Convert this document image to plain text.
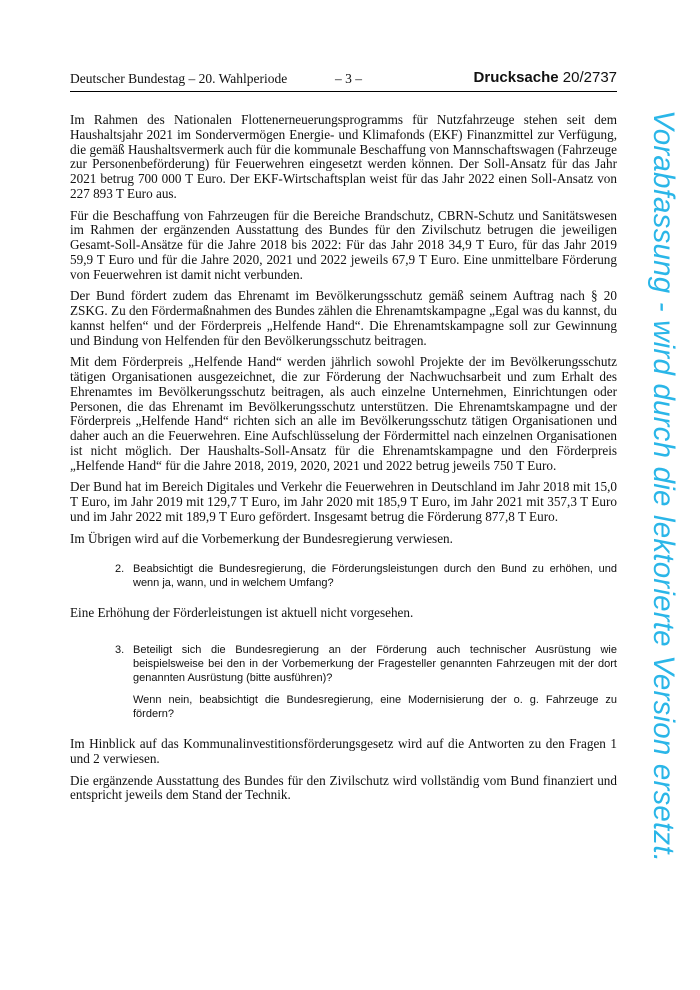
Deutscher Bundestag – 20. Wahlperiode	– 3 –	Drucksache 20/2737

Im Rahmen des Nationalen Flottenerneuerungsprogramms für Nutzfahrzeuge stehen seit dem Haushaltsjahr 2021 im Sondervermögen Energie- und Klimafonds (EKF) Finanzmittel zur Verfügung, die gemäß Haushaltsvermerk auch für die kommunale Beschaffung von Mannschaftswagen (Fahrzeuge zur Personenbeförderung) für Feuerwehren eingesetzt werden können. Der Soll-Ansatz für das Jahr 2021 betrug 700 000 T Euro. Der EKF-Wirtschaftsplan weist für das Jahr 2022 einen Soll-Ansatz von 227 893 T Euro aus.

Für die Beschaffung von Fahrzeugen für die Bereiche Brandschutz, CBRN-Schutz und Sanitätswesen im Rahmen der ergänzenden Ausstattung des Bundes für den Zivilschutz betrugen die jeweiligen Gesamt-Soll-Ansätze für die Jahre 2018 bis 2022: Für das Jahr 2018 34,9 T Euro, für das Jahr 2019 59,9 T Euro und für die Jahre 2020, 2021 und 2022 jeweils 67,9 T Euro. Eine unmittelbare Förderung von Feuerwehren ist damit nicht verbunden.

Der Bund fördert zudem das Ehrenamt im Bevölkerungsschutz gemäß seinem Auftrag nach § 20 ZSKG. Zu den Fördermaßnahmen des Bundes zählen die Ehrenamtskampagne „Egal was du kannst, du kannst helfen“ und der Förderpreis „Helfende Hand“. Die Ehrenamtskampagne soll zur Gewinnung und Bindung von Helfenden für den Bevölkerungsschutz beitragen.

Mit dem Förderpreis „Helfende Hand“ werden jährlich sowohl Projekte der im Bevölkerungsschutz tätigen Organisationen ausgezeichnet, die zur Förderung der Nachwuchsarbeit und zum Erhalt des Ehrenamtes im Bevölkerungsschutz beitragen, als auch einzelne Unternehmen, Einrichtungen oder Personen, die das Ehrenamt im Bevölkerungsschutz unterstützen. Die Ehrenamtskampagne und der Förderpreis „Helfende Hand“ richten sich an alle im Bevölkerungsschutz tätigen Organisationen und daher auch an die Feuerwehren. Eine Aufschlüsselung der Fördermittel nach einzelnen Organisationen ist nicht möglich. Der Haushalts-Soll-Ansatz für die Ehrenamtskampagne und den Förderpreis „Helfende Hand“ für die Jahre 2018, 2019, 2020, 2021 und 2022 betrug jeweils 750 T Euro.

Der Bund hat im Bereich Digitales und Verkehr die Feuerwehren in Deutschland im Jahr 2018 mit 15,0 T Euro, im Jahr 2019 mit 129,7 T Euro, im Jahr 2020 mit 185,9 T Euro, im Jahr 2021 mit 357,3 T Euro und im Jahr 2022 mit 189,9 T Euro gefördert. Insgesamt betrug die Förderung 877,8 T Euro.

Im Übrigen wird auf die Vorbemerkung der Bundesregierung verwiesen.

2. Beabsichtigt die Bundesregierung, die Förderungsleistungen durch den Bund zu erhöhen, und wenn ja, wann, und in welchem Umfang?

Eine Erhöhung der Förderleistungen ist aktuell nicht vorgesehen.

3. Beteiligt sich die Bundesregierung an der Förderung auch technischer Ausrüstung wie beispielsweise bei den in der Vorbemerkung der Fragesteller genannten Fahrzeugen mit der dort genannten Ausrüstung (bitte ausführen)?
Wenn nein, beabsichtigt die Bundesregierung, eine Modernisierung der o. g. Fahrzeuge zu fördern?

Im Hinblick auf das Kommunalinvestitionsförderungsgesetz wird auf die Antworten zu den Fragen 1 und 2 verwiesen.

Die ergänzende Ausstattung des Bundes für den Zivilschutz wird vollständig vom Bund finanziert und entspricht jeweils dem Stand der Technik.	Vorabfassung - wird durch die lektorierte Version ersetzt.
